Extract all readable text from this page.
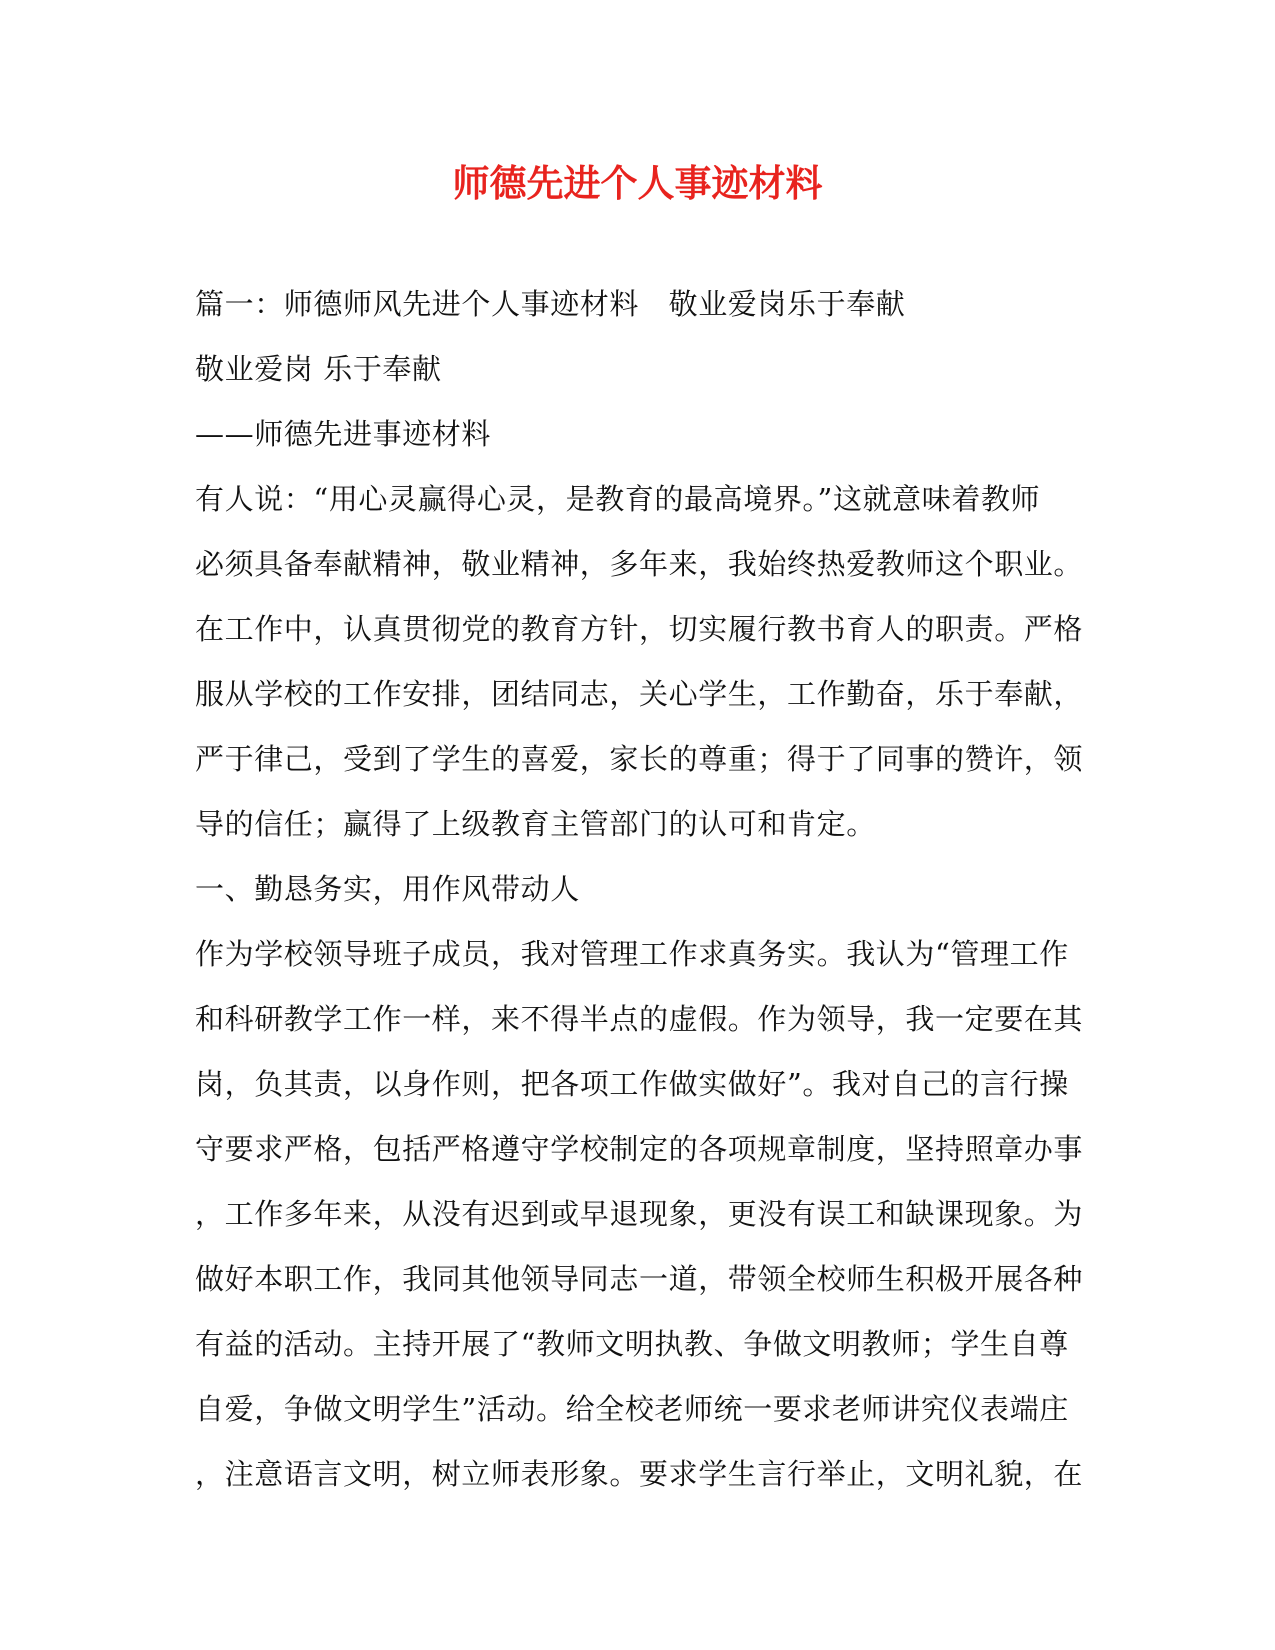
师德先进个人事迹材料
篇一：师德师风先进个人事迹材料　敬业爱岗乐于奉献
敬业爱岗 乐于奉献
——师德先进事迹材料
有人说：“用心灵赢得心灵，是教育的最高境界。”这就意味着教师
必须具备奉献精神，敬业精神，多年来，我始终热爱教师这个职业。
在工作中，认真贯彻党的教育方针，切实履行教书育人的职责。严格
服从学校的工作安排，团结同志，关心学生，工作勤奋，乐于奉献，
严于律己，受到了学生的喜爱，家长的尊重；得于了同事的赞许，领
导的信任；赢得了上级教育主管部门的认可和肯定。
一、勤恳务实，用作风带动人
作为学校领导班子成员，我对管理工作求真务实。我认为“管理工作
和科研教学工作一样，来不得半点的虚假。作为领导，我一定要在其
岗，负其责，以身作则，把各项工作做实做好”。我对自己的言行操
守要求严格，包括严格遵守学校制定的各项规章制度，坚持照章办事
，工作多年来，从没有迟到或早退现象，更没有误工和缺课现象。为
做好本职工作，我同其他领导同志一道，带领全校师生积极开展各种
有益的活动。主持开展了“教师文明执教、争做文明教师；学生自尊
自爱，争做文明学生”活动。给全校老师统一要求老师讲究仪表端庄
，注意语言文明，树立师表形象。要求学生言行举止，文明礼貌，在
